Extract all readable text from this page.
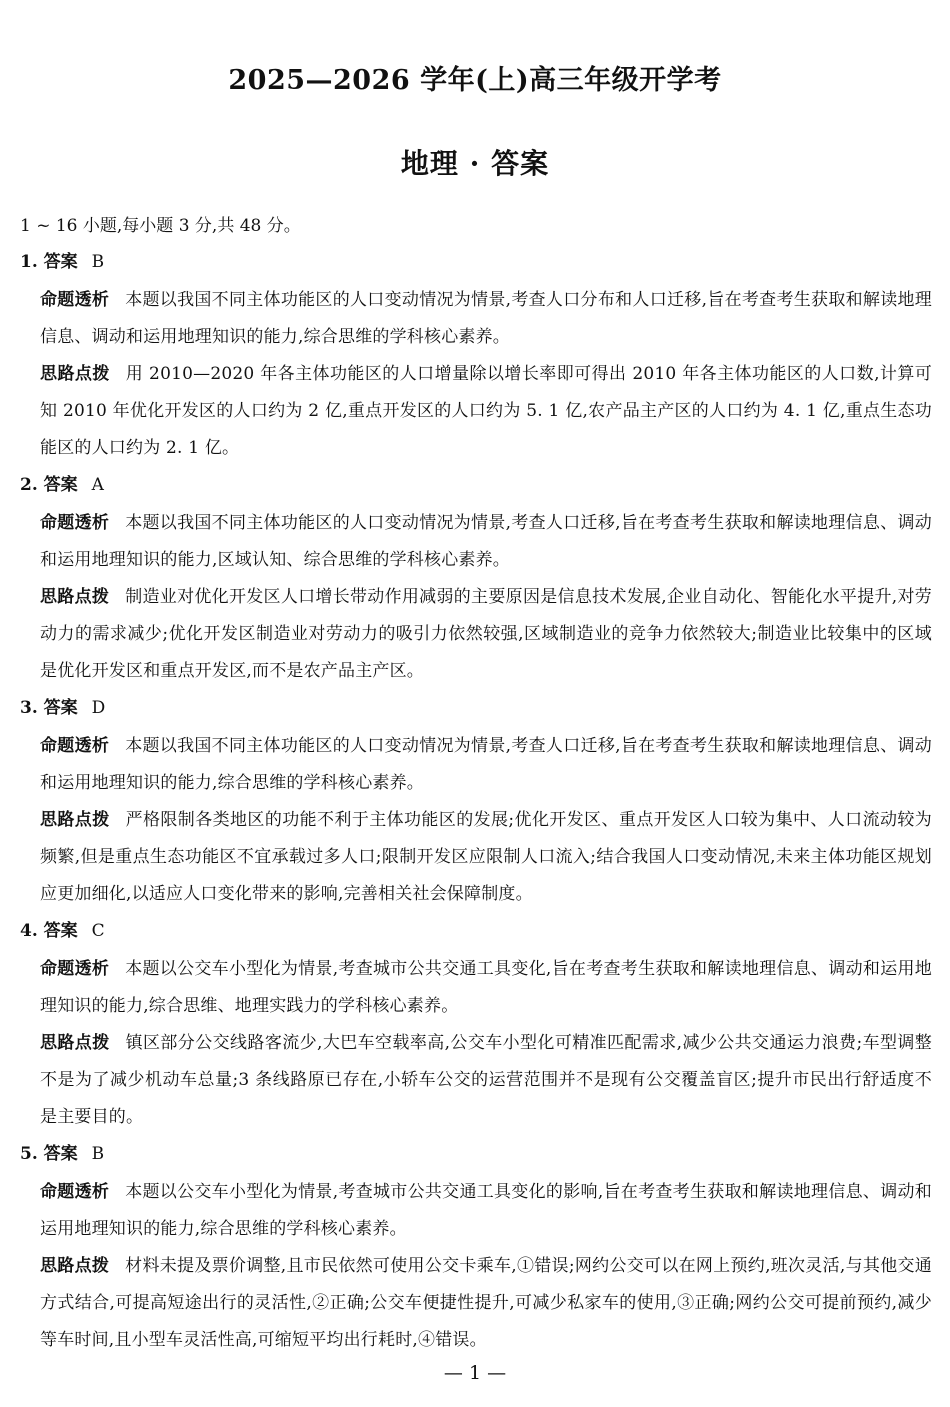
2025—2026 学年(上)高三年级开学考
地理 · 答案
1 ~ 16 小题,每小题 3 分,共 48 分。
1. 答案 B
命题透析 本题以我国不同主体功能区的人口变动情况为情景,考查人口分布和人口迁移,旨在考查考生获取和解读地理信息、调动和运用地理知识的能力,综合思维的学科核心素养。
思路点拨 用 2010—2020 年各主体功能区的人口增量除以增长率即可得出 2010 年各主体功能区的人口数,计算可知 2010 年优化开发区的人口约为 2 亿,重点开发区的人口约为 5. 1 亿,农产品主产区的人口约为 4. 1 亿,重点生态功能区的人口约为 2. 1 亿。
2. 答案 A
命题透析 本题以我国不同主体功能区的人口变动情况为情景,考查人口迁移,旨在考查考生获取和解读地理信息、调动和运用地理知识的能力,区域认知、综合思维的学科核心素养。
思路点拨 制造业对优化开发区人口增长带动作用减弱的主要原因是信息技术发展,企业自动化、智能化水平提升,对劳动力的需求减少;优化开发区制造业对劳动力的吸引力依然较强,区域制造业的竞争力依然较大;制造业比较集中的区域是优化开发区和重点开发区,而不是农产品主产区。
3. 答案 D
命题透析 本题以我国不同主体功能区的人口变动情况为情景,考查人口迁移,旨在考查考生获取和解读地理信息、调动和运用地理知识的能力,综合思维的学科核心素养。
思路点拨 严格限制各类地区的功能不利于主体功能区的发展;优化开发区、重点开发区人口较为集中、人口流动较为频繁,但是重点生态功能区不宜承载过多人口;限制开发区应限制人口流入;结合我国人口变动情况,未来主体功能区规划应更加细化,以适应人口变化带来的影响,完善相关社会保障制度。
4. 答案 C
命题透析 本题以公交车小型化为情景,考查城市公共交通工具变化,旨在考查考生获取和解读地理信息、调动和运用地理知识的能力,综合思维、地理实践力的学科核心素养。
思路点拨 镇区部分公交线路客流少,大巴车空载率高,公交车小型化可精准匹配需求,减少公共交通运力浪费;车型调整不是为了减少机动车总量;3 条线路原已存在,小轿车公交的运营范围并不是现有公交覆盖盲区;提升市民出行舒适度不是主要目的。
5. 答案 B
命题透析 本题以公交车小型化为情景,考查城市公共交通工具变化的影响,旨在考查考生获取和解读地理信息、调动和运用地理知识的能力,综合思维的学科核心素养。
思路点拨 材料未提及票价调整,且市民依然可使用公交卡乘车,①错误;网约公交可以在网上预约,班次灵活,与其他交通方式结合,可提高短途出行的灵活性,②正确;公交车便捷性提升,可减少私家车的使用,③正确;网约公交可提前预约,减少等车时间,且小型车灵活性高,可缩短平均出行耗时,④错误。
— 1 —
